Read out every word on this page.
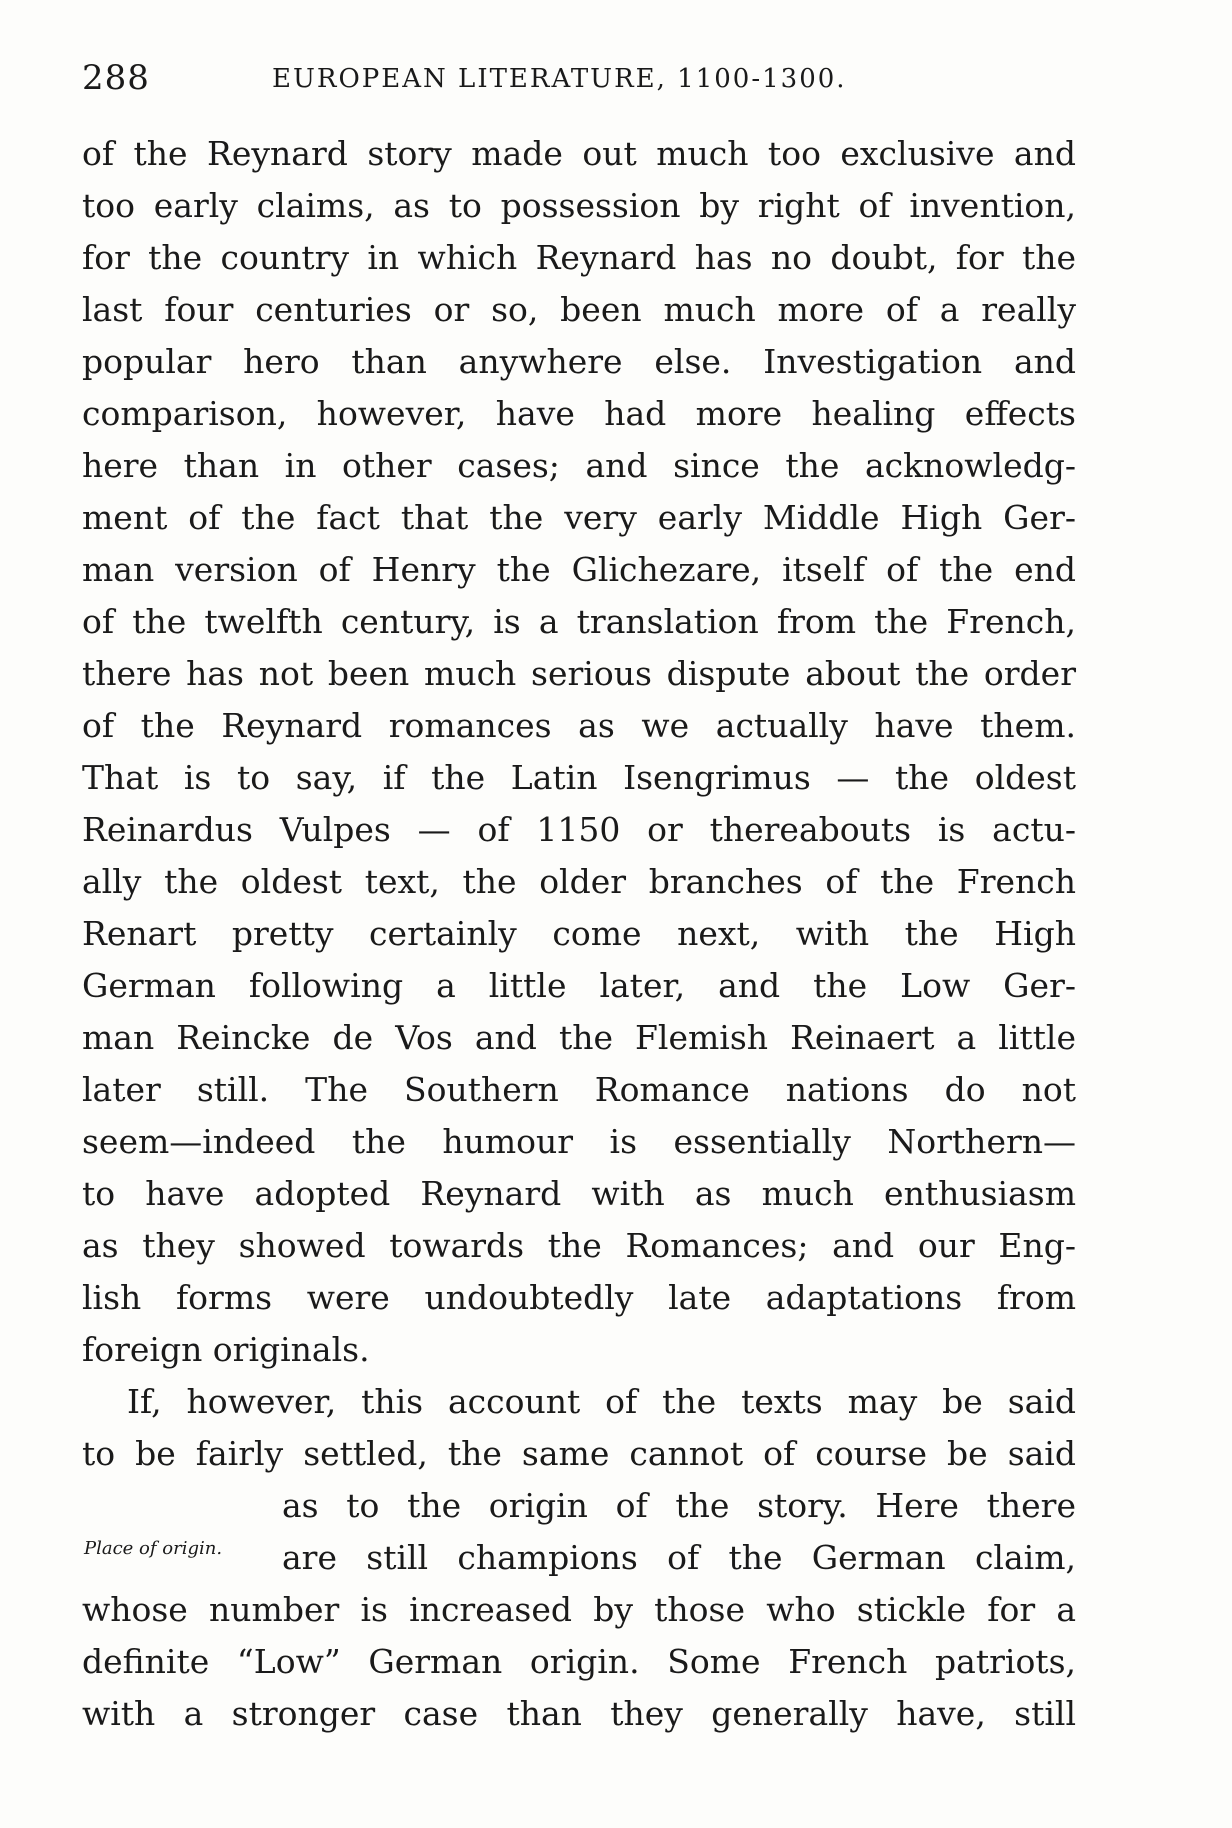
288	EUROPEAN LITERATURE, 1100-1300.
of the Reynard story made out much too exclusive and
too early claims, as to possession by right of invention,
for the country in which Reynard has no doubt, for the
last four centuries or so, been much more of a really
popular hero than anywhere else. Investigation and
comparison, however, have had more healing effects
here than in other cases; and since the acknowledg-
ment of the fact that the very early Middle High Ger-
man version of Henry the Glichezare, itself of the end
of the twelfth century, is a translation from the French,
there has not been much serious dispute about the order
of the Reynard romances as we actually have them.
That is to say, if the Latin Isengrimus — the oldest
Reinardus Vulpes — of 1150 or thereabouts is actu-
ally the oldest text, the older branches of the French
Renart pretty certainly come next, with the High
German following a little later, and the Low Ger-
man Reincke de Vos and the Flemish Reinaert a little
later still. The Southern Romance nations do not
seem—indeed the humour is essentially Northern—
to have adopted Reynard with as much enthusiasm
as they showed towards the Romances; and our Eng-
lish forms were undoubtedly late adaptations from
foreign originals.
If, however, this account of the texts may be said
to be fairly settled, the same cannot of course be said
as to the origin of the story. Here there
are still champions of the German claim,
whose number is increased by those who stickle for a
definite “Low” German origin. Some French patriots,
with a stronger case than they generally have, still
Place of origin.
